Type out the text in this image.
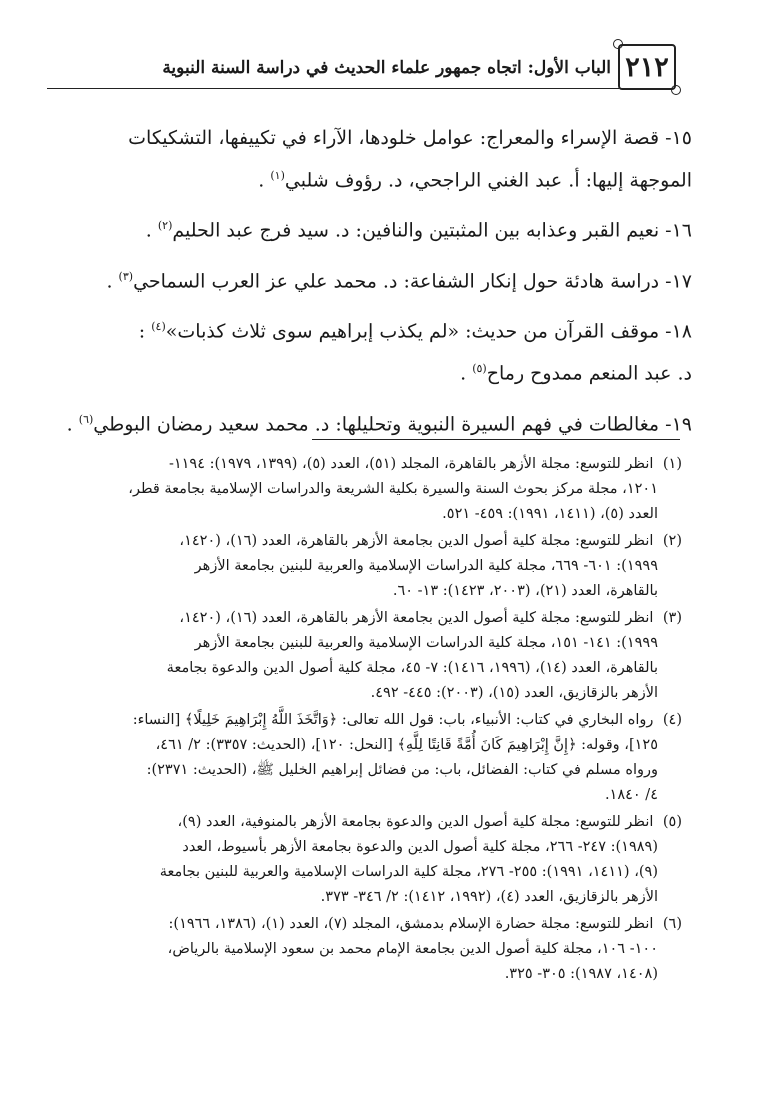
٢١٢
الباب الأول: اتجاه جمهور علماء الحديث في دراسة السنة النبوية
١٥- قصة الإسراء والمعراج: عوامل خلودها، الآراء في تكييفها، التشكيكات
الموجهة إليها: أ. عبد الغني الراجحي، د. رؤوف شلبي$^{(١)}$ .
١٦- نعيم القبر وعذابه بين المثبتين والنافين: د. سيد فرج عبد الحليم$^{(٢)}$ .
١٧- دراسة هادئة حول إنكار الشفاعة: د. محمد علي عز العرب السماحي$^{(٣)}$ .
١٨- موقف القرآن من حديث: «لم يكذب إبراهيم سوى ثلاث كذبات»$^{(٤)}$ :
د. عبد المنعم ممدوح رماح$^{(٥)}$ .
١٩- مغالطات في فهم السيرة النبوية وتحليلها: د. محمد سعيد رمضان البوطي$^{(٦)}$ .
(١) انظر للتوسع: مجلة الأزهر بالقاهرة، المجلد (٥١)، العدد (٥)، (١٣٩٩، ١٩٧٩): ١١٩٤-
١٢٠١، مجلة مركز بحوث السنة والسيرة بكلية الشريعة والدراسات الإسلامية بجامعة قطر،
العدد (٥)، (١٤١١، ١٩٩١): ٤٥٩- ٥٢١.
(٢) انظر للتوسع: مجلة كلية أصول الدين بجامعة الأزهر بالقاهرة، العدد (١٦)، (١٤٢٠،
١٩٩٩): ٦٠١- ٦٦٩، مجلة كلية الدراسات الإسلامية والعربية للبنين بجامعة الأزهر
بالقاهرة، العدد (٢١)، (٢٠٠٣، ١٤٢٣): ١٣- ٦٠.
(٣) انظر للتوسع: مجلة كلية أصول الدين بجامعة الأزهر بالقاهرة، العدد (١٦)، (١٤٢٠،
١٩٩٩): ١٤١- ١٥١، مجلة كلية الدراسات الإسلامية والعربية للبنين بجامعة الأزهر
بالقاهرة، العدد (١٤)، (١٩٩٦، ١٤١٦): ٧- ٤٥، مجلة كلية أصول الدين والدعوة بجامعة
الأزهر بالزقازيق، العدد (١٥)، (٢٠٠٣): ٤٤٥- ٤٩٢.
(٤) رواه البخاري في كتاب: الأنبياء، باب: قول الله تعالى: ﴿وَاتَّخَذَ اللَّهُ إِبْرَاهِيمَ خَلِيلًا﴾ [النساء:
١٢٥]، وقوله: ﴿إِنَّ إِبْرَاهِيمَ كَانَ أُمَّةً قَانِتًا لِلَّهِ﴾ [النحل: ١٢٠]، (الحديث: ٣٣٥٧): ٢/ ٤٦١،
ورواه مسلم في كتاب: الفضائل، باب: من فضائل إبراهيم الخليل ﷺ، (الحديث: ٢٣٧١):
٤/ ١٨٤٠.
(٥) انظر للتوسع: مجلة كلية أصول الدين والدعوة بجامعة الأزهر بالمنوفية، العدد (٩)،
(١٩٨٩): ٢٤٧- ٢٦٦، مجلة كلية أصول الدين والدعوة بجامعة الأزهر بأسيوط، العدد
(٩)، (١٤١١، ١٩٩١): ٢٥٥- ٢٧٦، مجلة كلية الدراسات الإسلامية والعربية للبنين بجامعة
الأزهر بالزقازيق، العدد (٤)، (١٩٩٢، ١٤١٢): ٢/ ٣٤٦- ٣٧٣.
(٦) انظر للتوسع: مجلة حضارة الإسلام بدمشق، المجلد (٧)، العدد (١)، (١٣٨٦، ١٩٦٦):
١٠٠- ١٠٦، مجلة كلية أصول الدين بجامعة الإمام محمد بن سعود الإسلامية بالرياض،
(١٤٠٨، ١٩٨٧): ٣٠٥- ٣٢٥.
